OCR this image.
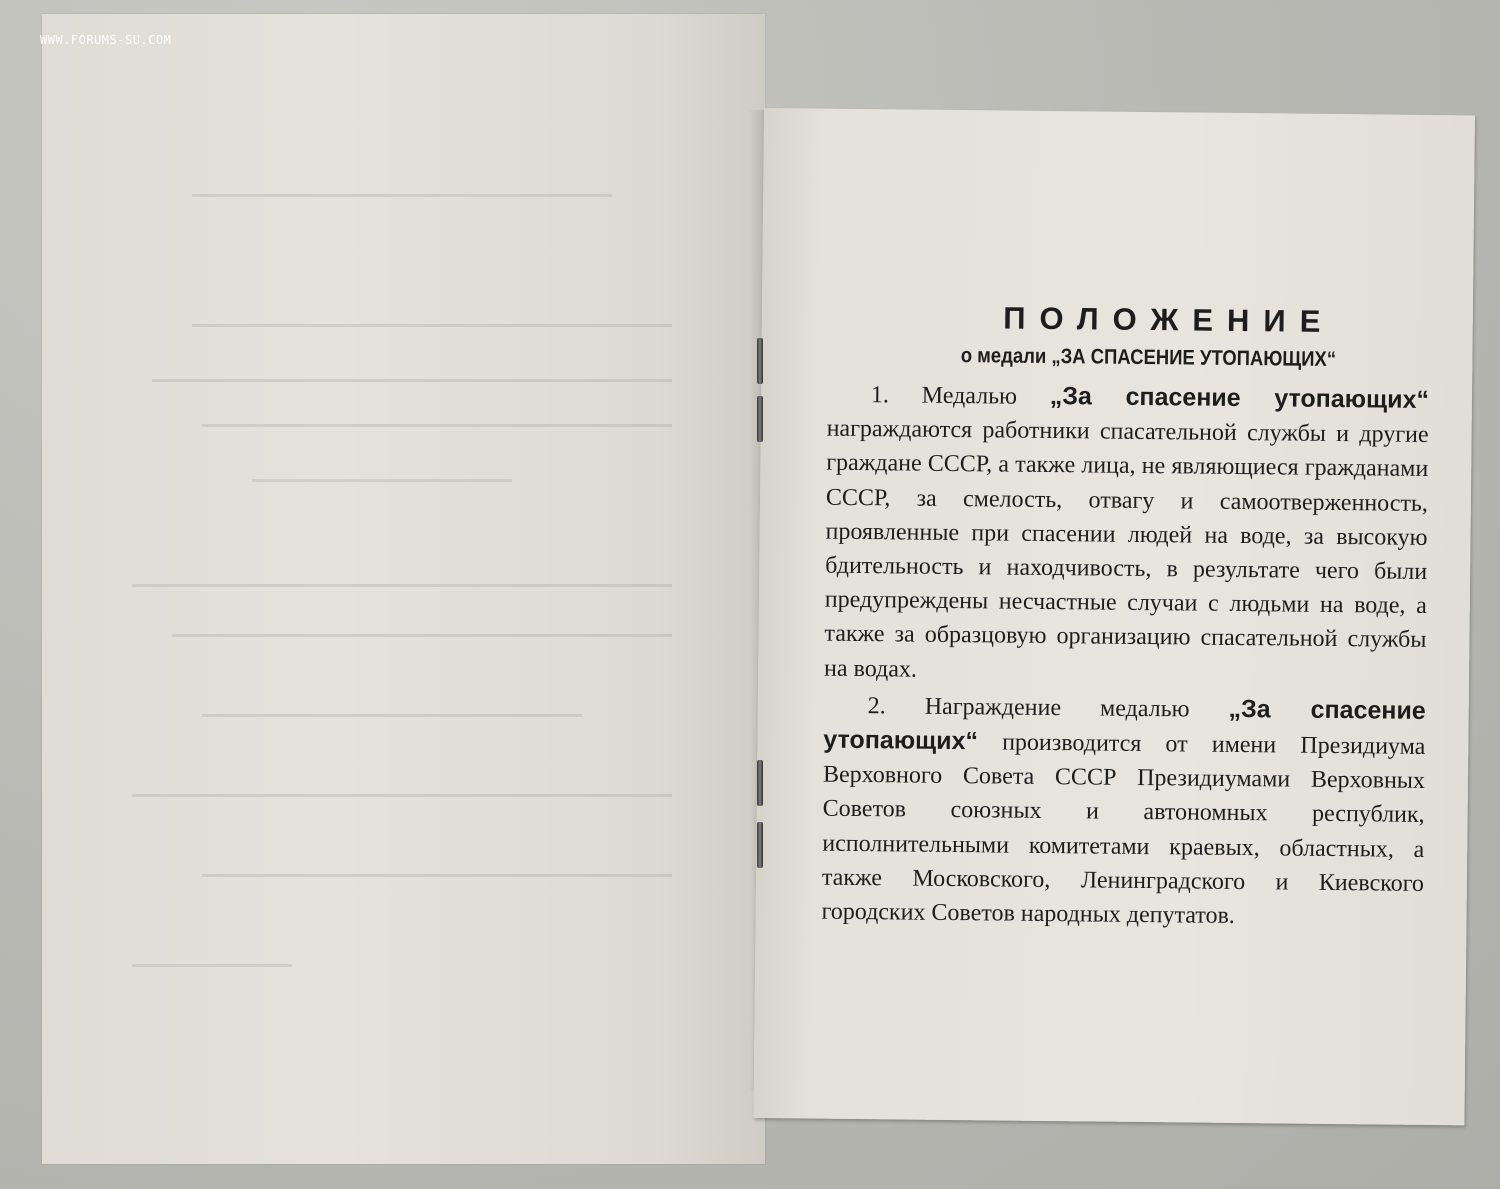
WWW.FORUMS-SU.COM
ПОЛОЖЕНИЕ
о медали „ЗА СПАСЕНИЕ УТОПАЮЩИХ“

1. Медалью „За спасение утопающих“ награждаются работники спасательной службы и другие граждане СССР, а также лица, не являющиеся гражданами СССР, за смелость, отвагу и самоотверженность, проявленные при спасении людей на воде, за высокую бдительность и находчивость, в результате чего были предупреждены несчастные случаи с людьми на воде, а также за образцовую организацию спасательной службы на водах.

2. Награждение медалью „За спасение утопающих“ производится от имени Президиума Верховного Совета СССР Президиумами Верховных Советов союзных и автономных республик, исполнительными комитетами краевых, областных, а также Московского, Ленинградского и Киевского городских Советов народных депутатов.
